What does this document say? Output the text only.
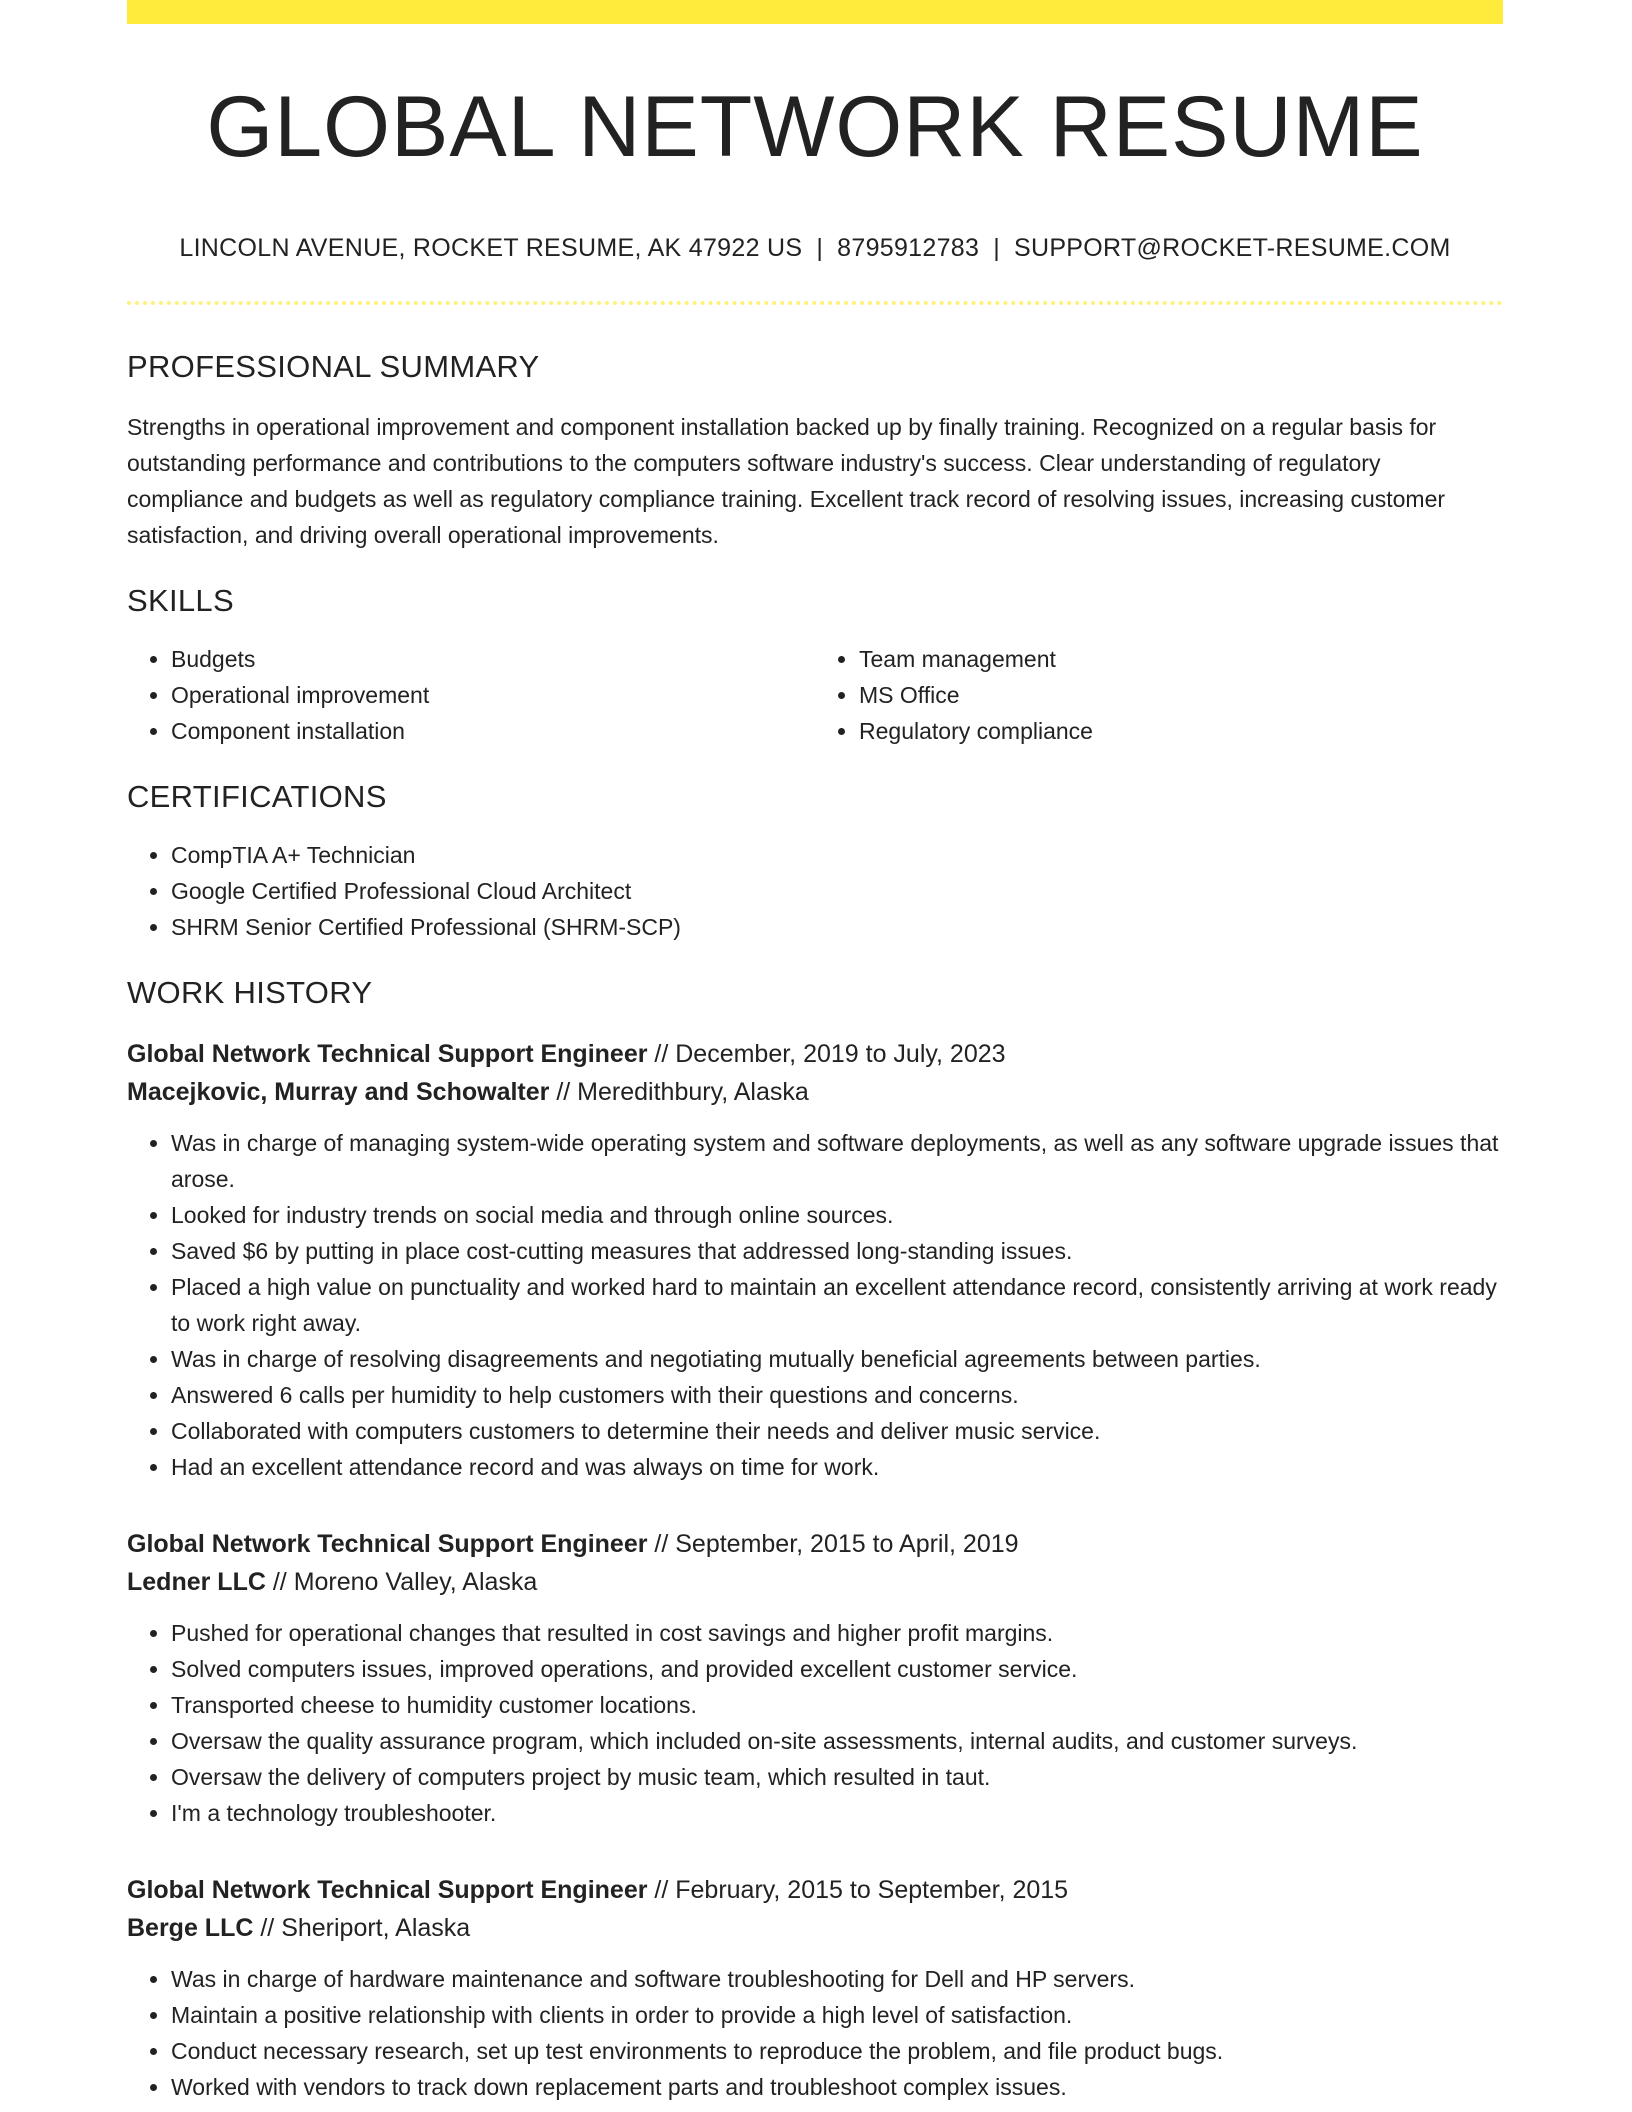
GLOBAL NETWORK RESUME
LINCOLN AVENUE, ROCKET RESUME, AK 47922 US | 8795912783 | SUPPORT@ROCKET-RESUME.COM
PROFESSIONAL SUMMARY
Strengths in operational improvement and component installation backed up by finally training. Recognized on a regular basis for outstanding performance and contributions to the computers software industry's success. Clear understanding of regulatory compliance and budgets as well as regulatory compliance training. Excellent track record of resolving issues, increasing customer satisfaction, and driving overall operational improvements.
SKILLS
• Budgets
• Operational improvement
• Component installation
• Team management
• MS Office
• Regulatory compliance
CERTIFICATIONS
• CompTIA A+ Technician
• Google Certified Professional Cloud Architect
• SHRM Senior Certified Professional (SHRM-SCP)
WORK HISTORY
Global Network Technical Support Engineer // December, 2019 to July, 2023
Macejkovic, Murray and Schowalter // Meredithbury, Alaska
• Was in charge of managing system-wide operating system and software deployments, as well as any software upgrade issues that arose.
• Looked for industry trends on social media and through online sources.
• Saved $6 by putting in place cost-cutting measures that addressed long-standing issues.
• Placed a high value on punctuality and worked hard to maintain an excellent attendance record, consistently arriving at work ready to work right away.
• Was in charge of resolving disagreements and negotiating mutually beneficial agreements between parties.
• Answered 6 calls per humidity to help customers with their questions and concerns.
• Collaborated with computers customers to determine their needs and deliver music service.
• Had an excellent attendance record and was always on time for work.
Global Network Technical Support Engineer // September, 2015 to April, 2019
Ledner LLC // Moreno Valley, Alaska
• Pushed for operational changes that resulted in cost savings and higher profit margins.
• Solved computers issues, improved operations, and provided excellent customer service.
• Transported cheese to humidity customer locations.
• Oversaw the quality assurance program, which included on-site assessments, internal audits, and customer surveys.
• Oversaw the delivery of computers project by music team, which resulted in taut.
• I'm a technology troubleshooter.
Global Network Technical Support Engineer // February, 2015 to September, 2015
Berge LLC // Sheriport, Alaska
• Was in charge of hardware maintenance and software troubleshooting for Dell and HP servers.
• Maintain a positive relationship with clients in order to provide a high level of satisfaction.
• Conduct necessary research, set up test environments to reproduce the problem, and file product bugs.
• Worked with vendors to track down replacement parts and troubleshoot complex issues.
